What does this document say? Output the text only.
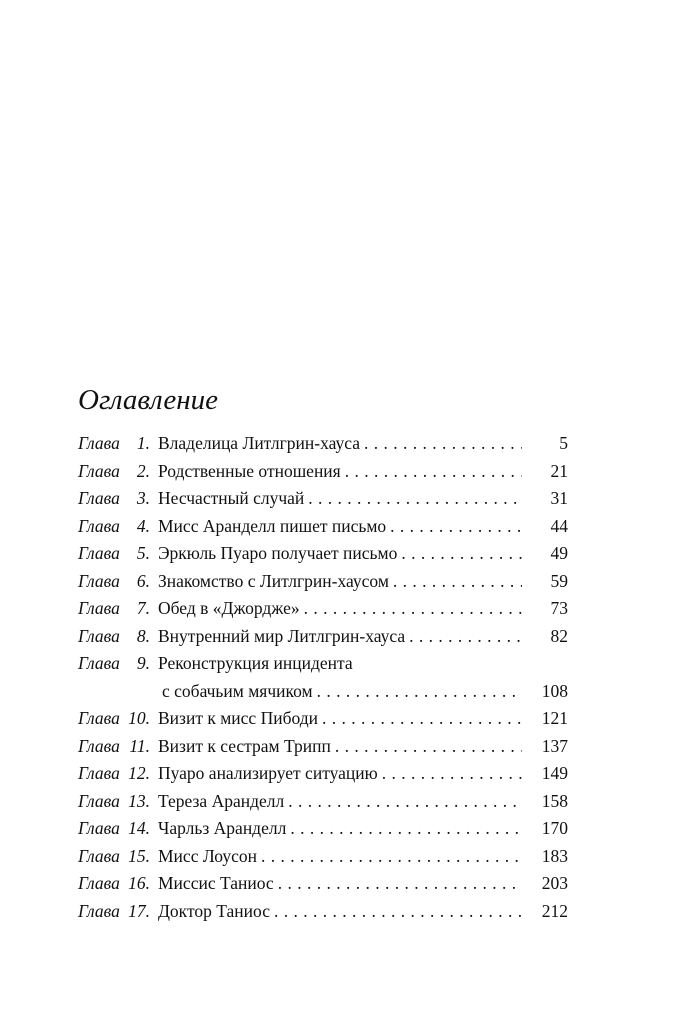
Оглавление
Глава 1. Владелица Литлгрин-хауса . . .	5
Глава 2. Родственные отношения . . .	21
Глава 3. Несчастный случай . . .	31
Глава 4. Мисс Аранделл пишет письмо . . .	44
Глава 5. Эркюль Пуаро получает письмо . . .	49
Глава 6. Знакомство с Литлгрин-хаусом . . .	59
Глава 7. Обед в «Джордже» . . .	73
Глава 8. Внутренний мир Литлгрин-хауса . . .	82
Глава 9. Реконструкция инцидента
с собачьим мячиком . . .	108
Глава 10. Визит к мисс Пибоди . . .	121
Глава 11. Визит к сестрам Трипп . . .	137
Глава 12. Пуаро анализирует ситуацию . . .	149
Глава 13. Тереза Аранделл . . .	158
Глава 14. Чарльз Аранделл . . .	170
Глава 15. Мисс Лоусон . . .	183
Глава 16. Миссис Таниос . . .	203
Глава 17. Доктор Таниос . . .	212
